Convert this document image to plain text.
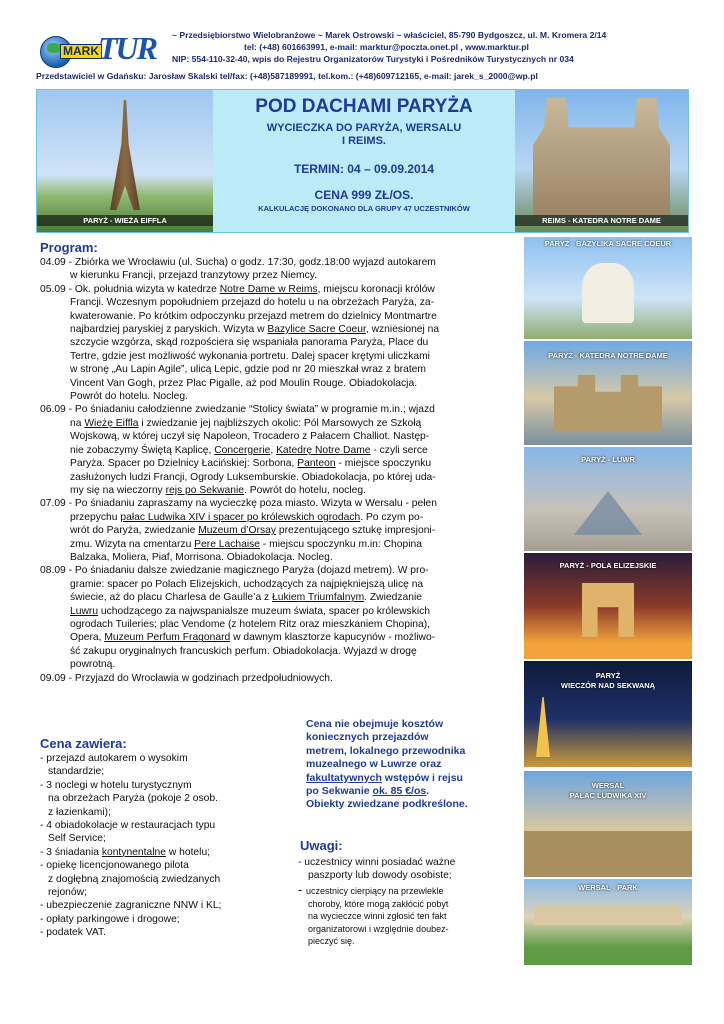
MARK TUR ~ Przedsiębiorstwo Wielobranżowe ~ Marek Ostrowski ~ właściciel, 85-790 Bydgoszcz, ul. M. Kromera 2/14
tel: (+48) 601663991, e-mail: marktur@poczta.onet.pl , www.marktur.pl
NIP: 554-110-32-40, wpis do Rejestru Organizatorów Turystyki i Pośredników Turystycznych nr 034
Przedstawiciel w Gdańsku: Jarosław Skalski tel/fax: (+48)587189991, tel.kom.: (+48)609712165, e-mail: jarek_s_2000@wp.pl
PARYŻ - WIEŻA EIFFLA
POD DACHAMI PARYŻA
WYCIECZKA DO PARYŻA, WERSALU
I REIMS.
TERMIN: 04 – 09.09.2014
CENA 999 ZŁ/OS.
KALKULACJĘ DOKONANO DLA GRUPY 47 UCZESTNIKÓW
REIMS - KATEDRA NOTRE DAME
Program:
04.09 - Zbiórka we Wrocławiu (ul. Sucha) o godz. 17:30, godz.18:00 wyjazd autokarem
w kierunku Francji, przejazd tranzytowy przez Niemcy.
05.09 - Ok. południa wizyta w katedrze Notre Dame w Reims, miejscu koronacji królów
Francji. Wczesnym popołudniem przejazd do hotelu u na obrzeżach Paryża, za-
kwaterowanie. Po krótkim odpoczynku przejazd metrem do dzielnicy Montmartre
najbardziej paryskiej z paryskich. Wizyta w Bazylice Sacre Coeur, wzniesionej na
szczycie wzgórza, skąd rozpościera się wspaniała panorama Paryża, Place du
Tertre, gdzie jest możliwość wykonania portretu. Dalej spacer krętymi uliczkami
w stronę „Au Lapin Agile”, ulicą Lepic, gdzie pod nr 20 mieszkał wraz z bratem
Vincent Van Gogh, przez Plac Pigalle, aż pod Moulin Rouge. Obiadokolacja.
Powrót do hotelu. Nocleg.
06.09 - Po śniadaniu całodzienne zwiedzanie “Stolicy świata” w programie m.in.; wjazd
na Wieżę Eiffla i zwiedzanie jej najbliższych okolic: Pól Marsowych ze Szkołą
Wojskową, w której uczył się Napoleon, Trocadero z Pałacem Challiot. Następ-
nie zobaczymy Świętą Kaplicę, Concergerie, Katedrę Notre Dame - czyli serce
Paryża. Spacer po Dzielnicy Łacińskiej: Sorbona, Panteon - miejsce spoczynku
zasłużonych ludzi Francji, Ogrody Luksemburskie. Obiadokolacja, po której uda-
my się na wieczorny rejs po Sekwanie. Powrót do hotelu, nocleg.
07.09 - Po śniadaniu zapraszamy na wycieczkę poza miasto. Wizyta w Wersalu - pełen
przepychu pałac Ludwika XIV i spacer po królewskich ogrodach. Po czym po-
wrót do Paryża, zwiedzanie Muzeum d’Orsay prezentującego sztukę impresjoni-
zmu. Wizyta na cmentarzu Pere Lachaise - miejscu spoczynku m.in: Chopina
Balzaka, Moliera, Piaf, Morrisona. Obiadokolacja. Nocleg.
08.09 - Po śniadaniu dalsze zwiedzanie magicznego Paryża (dojazd metrem). W pro-
gramie: spacer po Polach Elizejskich, uchodzących za najpiękniejszą ulicę na
świecie, aż do placu Charlesa de Gaulle’a z Łukiem Triumfalnym. Zwiedzanie
Luwru uchodzącego za najwspanialsze muzeum świata, spacer po królewskich
ogrodach Tuileries; plac Vendome (z hotelem Ritz oraz mieszkaniem Chopina),
Opera, Muzeum Perfum Fragonard w dawnym klasztorze kapucynów - możliwo-
ść zakupu oryginalnych francuskich perfum. Obiadokolacja. Wyjazd w drogę
powrotną.
09.09 - Przyjazd do Wrocławia w godzinach przedpołudniowych.
PARYŻ - BAZYLIKA SACRE COEUR
PARYŻ - KATEDRA NOTRE DAME
PARYŻ - LUWR
PARYŻ - POLA ELIZEJSKIE
PARYŻ
WIECZÓR NAD SEKWANĄ
WERSAL
PAŁAC LUDWIKA XIV
WERSAL - PARK
Cena zawiera:
- przejazd autokarem o wysokim
standardzie;
- 3 noclegi w hotelu turystycznym
na obrzeżach Paryża (pokoje 2 osob.
z łazienkami);
- 4 obiadokolacje w restauracjach typu
Self Service;
- 3 śniadania kontynentalne w hotelu;
- opiekę licencjonowanego pilota
z dogłębną znajomością zwiedzanych
rejonów;
- ubezpieczenie zagraniczne NNW i KL;
- opłaty parkingowe i drogowe;
- podatek VAT.
Cena nie obejmuje kosztów
koniecznych przejazdów
metrem, lokalnego przewodnika
muzealnego w Luwrze oraz
fakultatywnych wstępów i rejsu
po Sekwanie ok. 85 €/os.
Obiekty zwiedzane podkreślone.
Uwagi:
- uczestnicy winni posiadać ważne
paszporty lub dowody osobiste;
- uczestnicy cierpiący na przewlekle
choroby, które mogą zakłócić pobyt
na wycieczce winni zgłosić ten fakt
organizatorowi i względnie doubez-
pieczyć się.
